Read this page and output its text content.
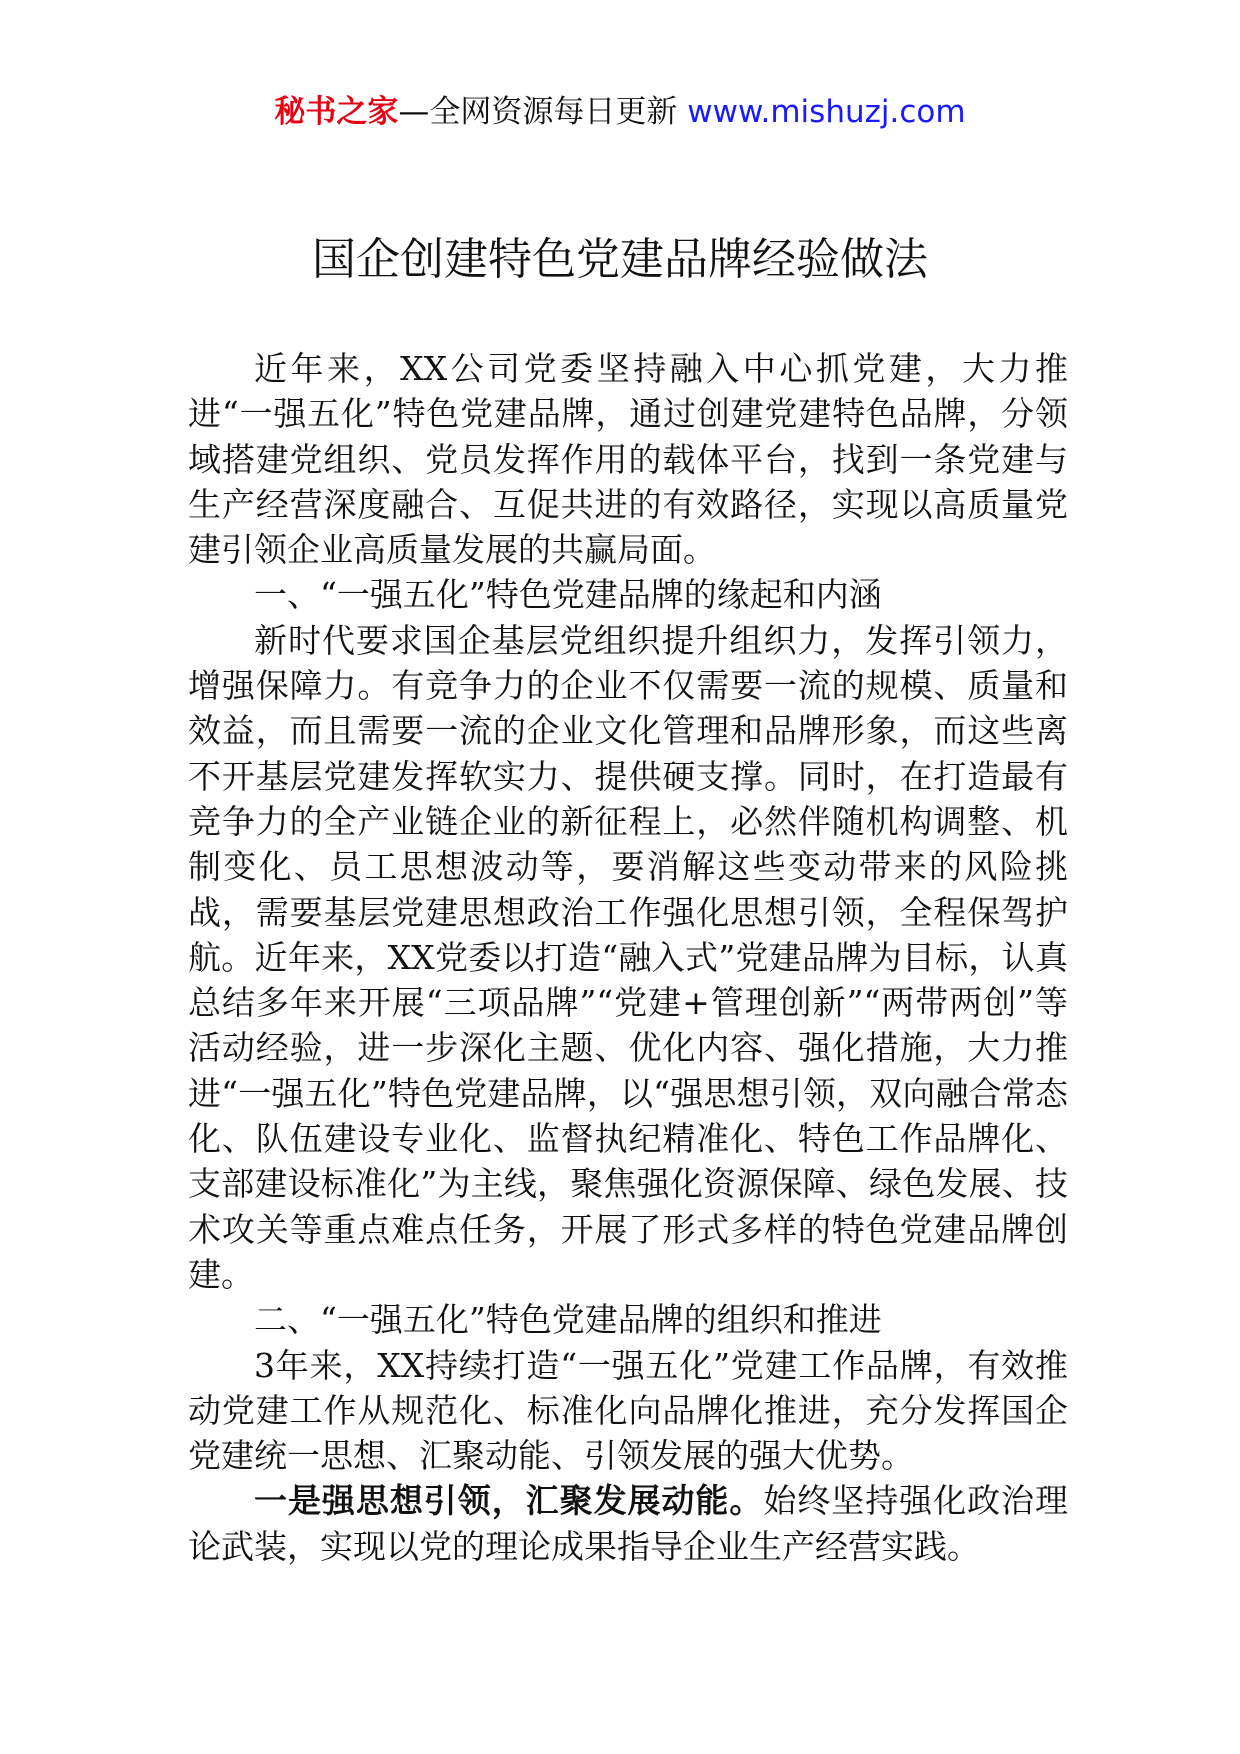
秘书之家—全网资源每日更新 www.mishuzj.com
国企创建特色党建品牌经验做法

近年来，XX公司党委坚持融入中心抓党建，大力推进“一强五化”特色党建品牌，通过创建党建特色品牌，分领域搭建党组织、党员发挥作用的载体平台，找到一条党建与生产经营深度融合、互促共进的有效路径，实现以高质量党建引领企业高质量发展的共赢局面。

一、“一强五化”特色党建品牌的缘起和内涵

新时代要求国企基层党组织提升组织力，发挥引领力，增强保障力。有竞争力的企业不仅需要一流的规模、质量和效益，而且需要一流的企业文化管理和品牌形象，而这些离不开基层党建发挥软实力、提供硬支撑。同时，在打造最有竞争力的全产业链企业的新征程上，必然伴随机构调整、机制变化、员工思想波动等，要消解这些变动带来的风险挑战，需要基层党建思想政治工作强化思想引领，全程保驾护航。近年来，XX党委以打造“融入式”党建品牌为目标，认真总结多年来开展“三项品牌”“党建+管理创新”“两带两创”等活动经验，进一步深化主题、优化内容、强化措施，大力推进“一强五化”特色党建品牌，以“强思想引领，双向融合常态化、队伍建设专业化、监督执纪精准化、特色工作品牌化、支部建设标准化”为主线，聚焦强化资源保障、绿色发展、技术攻关等重点难点任务，开展了形式多样的特色党建品牌创建。

二、“一强五化”特色党建品牌的组织和推进

3年来，XX持续打造“一强五化”党建工作品牌，有效推动党建工作从规范化、标准化向品牌化推进，充分发挥国企党建统一思想、汇聚动能、引领发展的强大优势。

一是强思想引领，汇聚发展动能。始终坚持强化政治理论武装，实现以党的理论成果指导企业生产经营实践。
